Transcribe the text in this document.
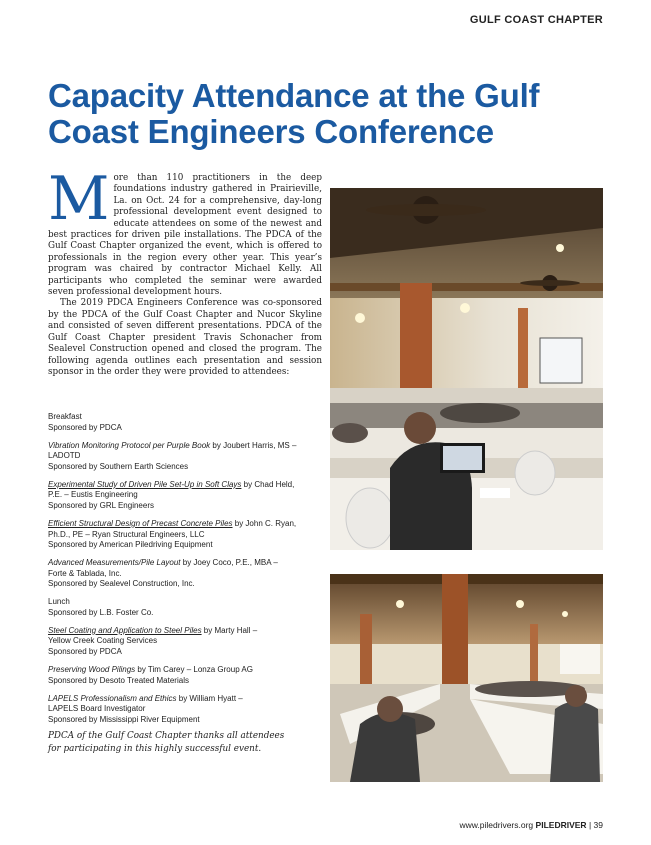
GULF COAST CHAPTER
Capacity Attendance at the Gulf Coast Engineers Conference

More than 110 practitioners in the deep foundations industry gathered in Prairieville, La. on Oct. 24 for a comprehensive, day-long professional development event designed to educate attendees on some of the newest and best practices for driven pile installations. The PDCA of the Gulf Coast Chapter organized the event, which is offered to professionals in the region every other year. This year’s program was chaired by contractor Michael Kelly. All participants who completed the seminar were awarded seven professional development hours.

The 2019 PDCA Engineers Conference was co-sponsored by the PDCA of the Gulf Coast Chapter and Nucor Skyline and consisted of seven different presentations. PDCA of the Gulf Coast Chapter president Travis Schonacher from Sealevel Construction opened and closed the program. The following agenda outlines each presentation and session sponsor in the order they were provided to attendees:

Breakfast
Sponsored by PDCA
Vibration Monitoring Protocol per Purple Book by Joubert Harris, MS –
LADOTD
Sponsored by Southern Earth Sciences
Experimental Study of Driven Pile Set-Up in Soft Clays by Chad Held,
P.E. – Eustis Engineering
Sponsored by GRL Engineers
Efficient Structural Design of Precast Concrete Piles by John C. Ryan,
Ph.D., PE – Ryan Structural Engineers, LLC
Sponsored by American Piledriving Equipment
Advanced Measurements/Pile Layout by Joey Coco, P.E., MBA –
Forte & Tablada, Inc.
Sponsored by Sealevel Construction, Inc.
Lunch
Sponsored by L.B. Foster Co.
Steel Coating and Application to Steel Piles by Marty Hall –
Yellow Creek Coating Services
Sponsored by PDCA
Preserving Wood Pilings by Tim Carey – Lonza Group AG
Sponsored by Desoto Treated Materials
LAPELS Professionalism and Ethics by William Hyatt –
LAPELS Board Investigator
Sponsored by Mississippi River Equipment
PDCA of the Gulf Coast Chapter thanks all attendees
for participating in this highly successful event.
www.piledrivers.org PILEDRIVER | 39
